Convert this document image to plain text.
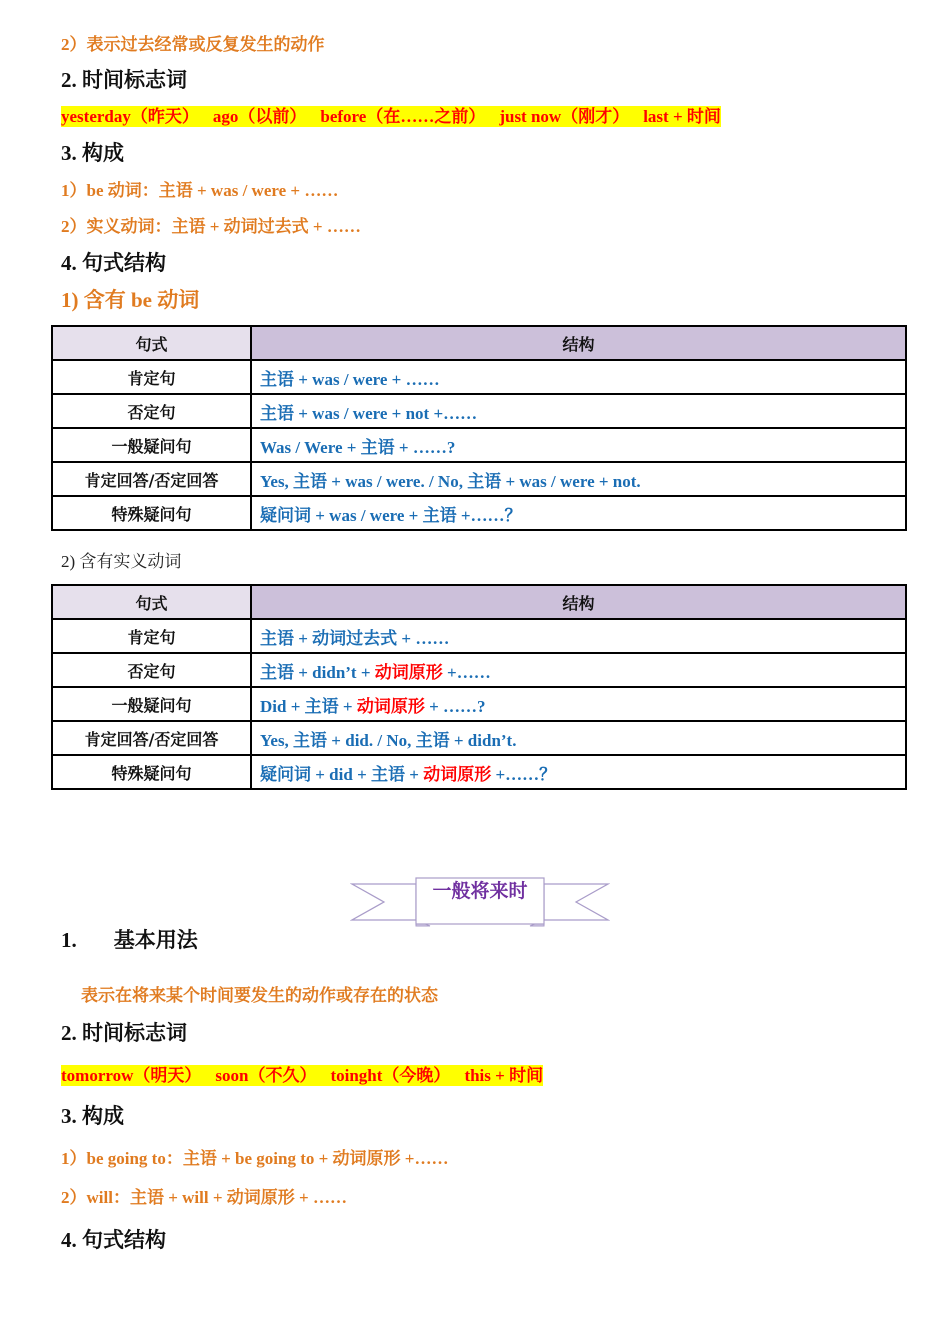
2）表示过去经常或反复发生的动作
2. 时间标志词
yesterday（昨天） ago（以前） before（在……之前） just now（刚才） last + 时间
3. 构成
1）be 动词：主语 + was / were + ……
2）实义动词：主语 + 动词过去式 + ……
4. 句式结构
1) 含有 be 动词
句式	结构
肯定句	主语 + was / were + ……
否定句	主语 + was / were + not +……
一般疑问句	Was / Were + 主语 + ……?
肯定回答/否定回答	Yes, 主语 + was / were. / No, 主语 + was / were + not.
特殊疑问句	疑问词 + was / were + 主语 +……？
2) 含有实义动词
句式	结构
肯定句	主语 + 动词过去式 + ……
否定句	主语 + didn’t + 动词原形 +……
一般疑问句	Did + 主语 + 动词原形 + ……?
肯定回答/否定回答	Yes, 主语 + did. / No, 主语 + didn’t.
特殊疑问句	疑问词 + did + 主语 + 动词原形 +……？
一般将来时
1. 基本用法
表示在将来某个时间要发生的动作或存在的状态
2. 时间标志词
tomorrow（明天） soon（不久） toinght（今晚） this + 时间
3. 构成
1）be going to：主语 + be going to + 动词原形 +……
2）will：主语 + will + 动词原形 + ……
4. 句式结构
